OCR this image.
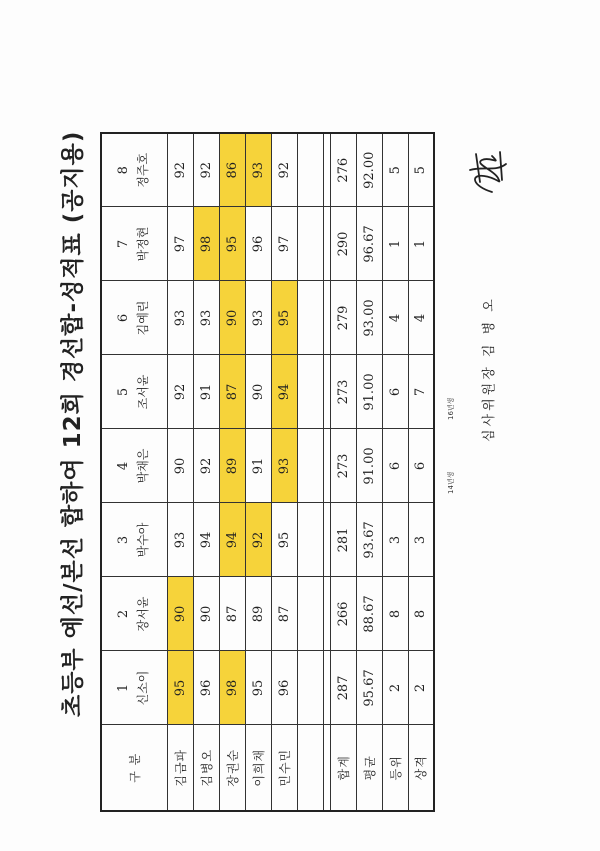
초등부 예선/본선 합하여 12회 경선합-성적표 (공지용)
구 분	1 신소이	2 장서윤	3 박수아	4 박채은	5 조서윤	6 김예린	7 박정현	8 정주호

김금파	95	90	93	90	92	93	97	92
김병오	96	90	94	92	91	93	98	92
장권순	98	87	94	89	87	90	95	86
이희채	95	89	92	91	90	93	96	93
민수민	96	87	95	93	94	95	97	92

합계	287	266	281	273	273	279	290	276
평균	95.67	88.67	93.67	91.00	91.00	93.00	96.67	92.00
등위	2	8	3	6	6	4	1	5
상격	2	8	3	6	7	4	1	5
14년생
16년생	심사위원장 김 병 오
